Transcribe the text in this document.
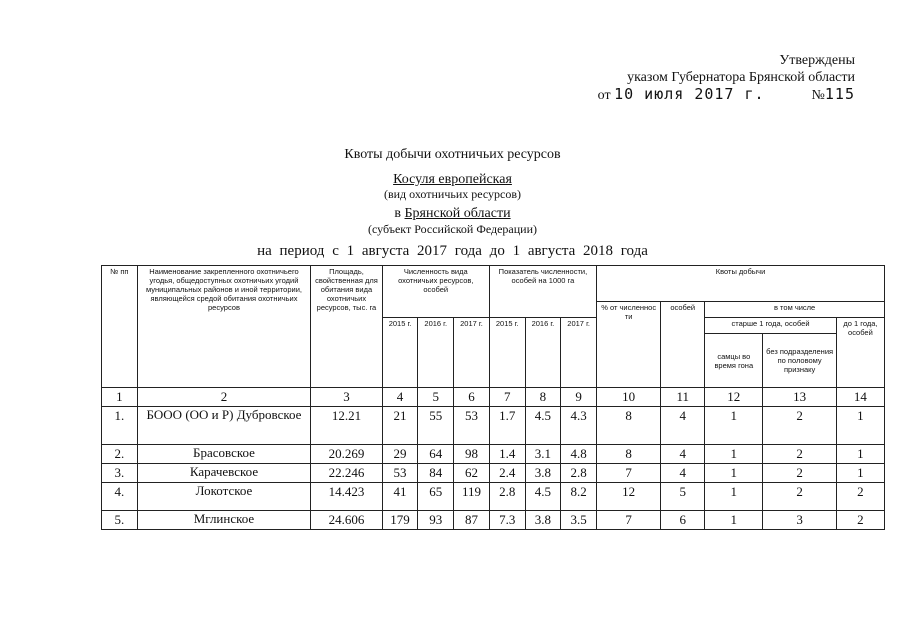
Утверждены
указом Губернатора Брянской области
от 10 июля 2017 г.	№115
Квоты добычи охотничьих ресурсов
Косуля европейская
(вид охотничьих ресурсов)
в Брянской области
(субъект Российской Федерации)
на период с 1 августа 2017 года до 1 августа 2018 года
№ пп	Наименование закрепленного охотничьего угодья, общедоступных охотничьих угодий муниципальных районов и иной территории, являющейся средой обитания охотничьих ресурсов	Площадь, свойственная для обитания вида охотничьих ресурсов, тыс. га	Численность вида охотничьих ресурсов, особей			Показатель численности, особей на 1000 га			Квоты добычи				
									% от численнос ти	особей	в том числе		
			2015 г.	2016 г.	2017 г.	2015 г.	2016 г.	2017 г.			старше 1 года, особей		до 1 года, особей
											самцы во время гона	без подразделения по половому признаку	
1	2	3	4	5	6	7	8	9	10	11	12	13	14
1.	БООО (ОО и Р) Дубровское	12.21	21	55	53	1.7	4.5	4.3	8	4	1	2	1
2.	Брасовское	20.269	29	64	98	1.4	3.1	4.8	8	4	1	2	1
3.	Карачевское	22.246	53	84	62	2.4	3.8	2.8	7	4	1	2	1
4.	Локотское	14.423	41	65	119	2.8	4.5	8.2	12	5	1	2	2
5.	Мглинское	24.606	179	93	87	7.3	3.8	3.5	7	6	1	3	2
